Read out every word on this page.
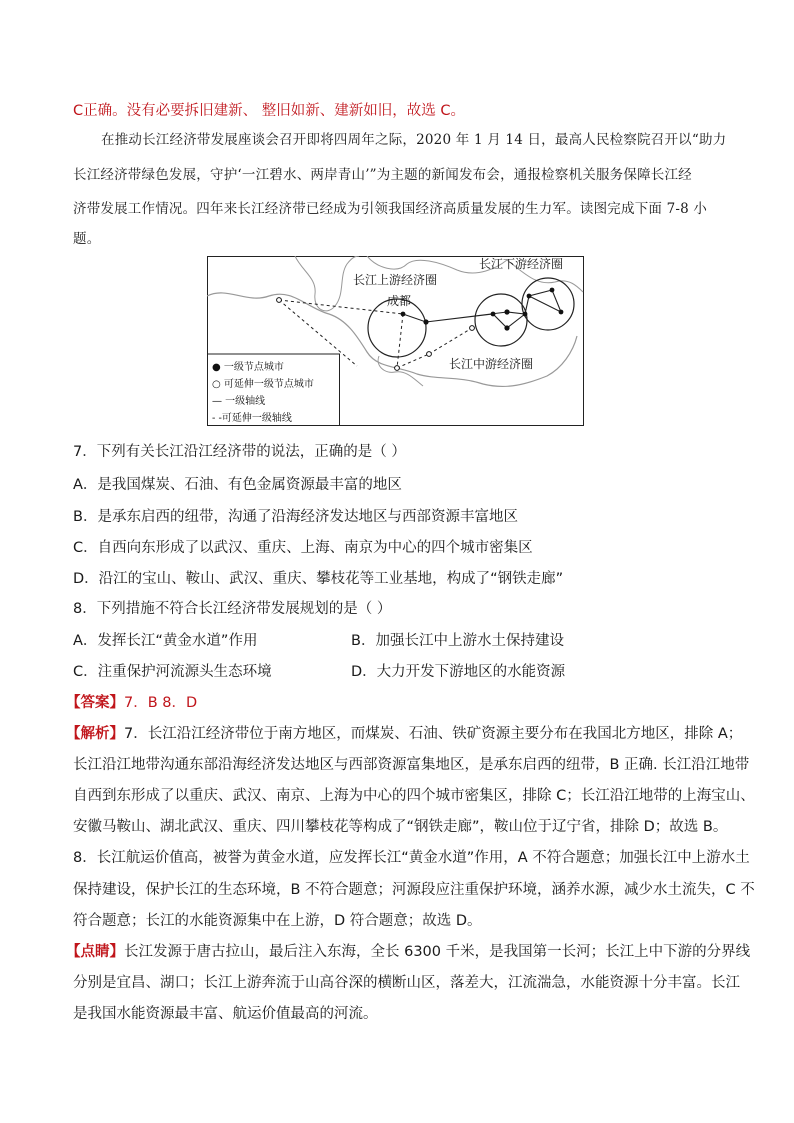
C正确。没有必要拆旧建新、 整旧如新、建新如旧，故选 C。
在推动长江经济带发展座谈会召开即将四周年之际，2020 年 1 月 14 日，最高人民检察院召开以“助力
长江经济带绿色发展，守护‘一江碧水、两岸青山’”为主题的新闻发布会，通报检察机关服务保障长江经
济带发展工作情况。四年来长江经济带已经成为引领我国经济高质量发展的生力军。读图完成下面 7-8 小
题。
长江上游经济圈
长江下游经济圈
长江中游经济圈
成都
● 一级节点城市
○ 可延伸一级节点城市
— 一级轴线
- -可延伸一级轴线
7．下列有关长江沿江经济带的说法，正确的是（ ）
A．是我国煤炭、石油、有色金属资源最丰富的地区
B．是承东启西的纽带，沟通了沿海经济发达地区与西部资源丰富地区
C．自西向东形成了以武汉、重庆、上海、南京为中心的四个城市密集区
D．沿江的宝山、鞍山、武汉、重庆、攀枝花等工业基地，构成了“钢铁走廊”
8．下列措施不符合长江经济带发展规划的是（ ）
A．发挥长江“黄金水道”作用	B．加强长江中上游水土保持建设
C．注重保护河流源头生态环境	D．大力开发下游地区的水能资源
【答案】7．B 8．D
【解析】7．长江沿江经济带位于南方地区，而煤炭、石油、铁矿资源主要分布在我国北方地区，排除 A；
长江沿江地带沟通东部沿海经济发达地区与西部资源富集地区，是承东启西的纽带，B 正确. 长江沿江地带
自西到东形成了以重庆、武汉、南京、上海为中心的四个城市密集区，排除 C；长江沿江地带的上海宝山、
安徽马鞍山、湖北武汉、重庆、四川攀枝花等构成了“钢铁走廊”，鞍山位于辽宁省，排除 D；故选 B。
8．长江航运价值高，被誉为黄金水道，应发挥长江“黄金水道”作用，A 不符合题意；加强长江中上游水土
保持建设，保护长江的生态环境，B 不符合题意；河源段应注重保护环境，涵养水源，减少水土流失，C 不
符合题意；长江的水能资源集中在上游，D 符合题意；故选 D。
【点睛】长江发源于唐古拉山，最后注入东海，全长 6300 千米，是我国第一长河；长江上中下游的分界线
分别是宜昌、湖口；长江上游奔流于山高谷深的横断山区，落差大，江流湍急，水能资源十分丰富。长江
是我国水能资源最丰富、航运价值最高的河流。
